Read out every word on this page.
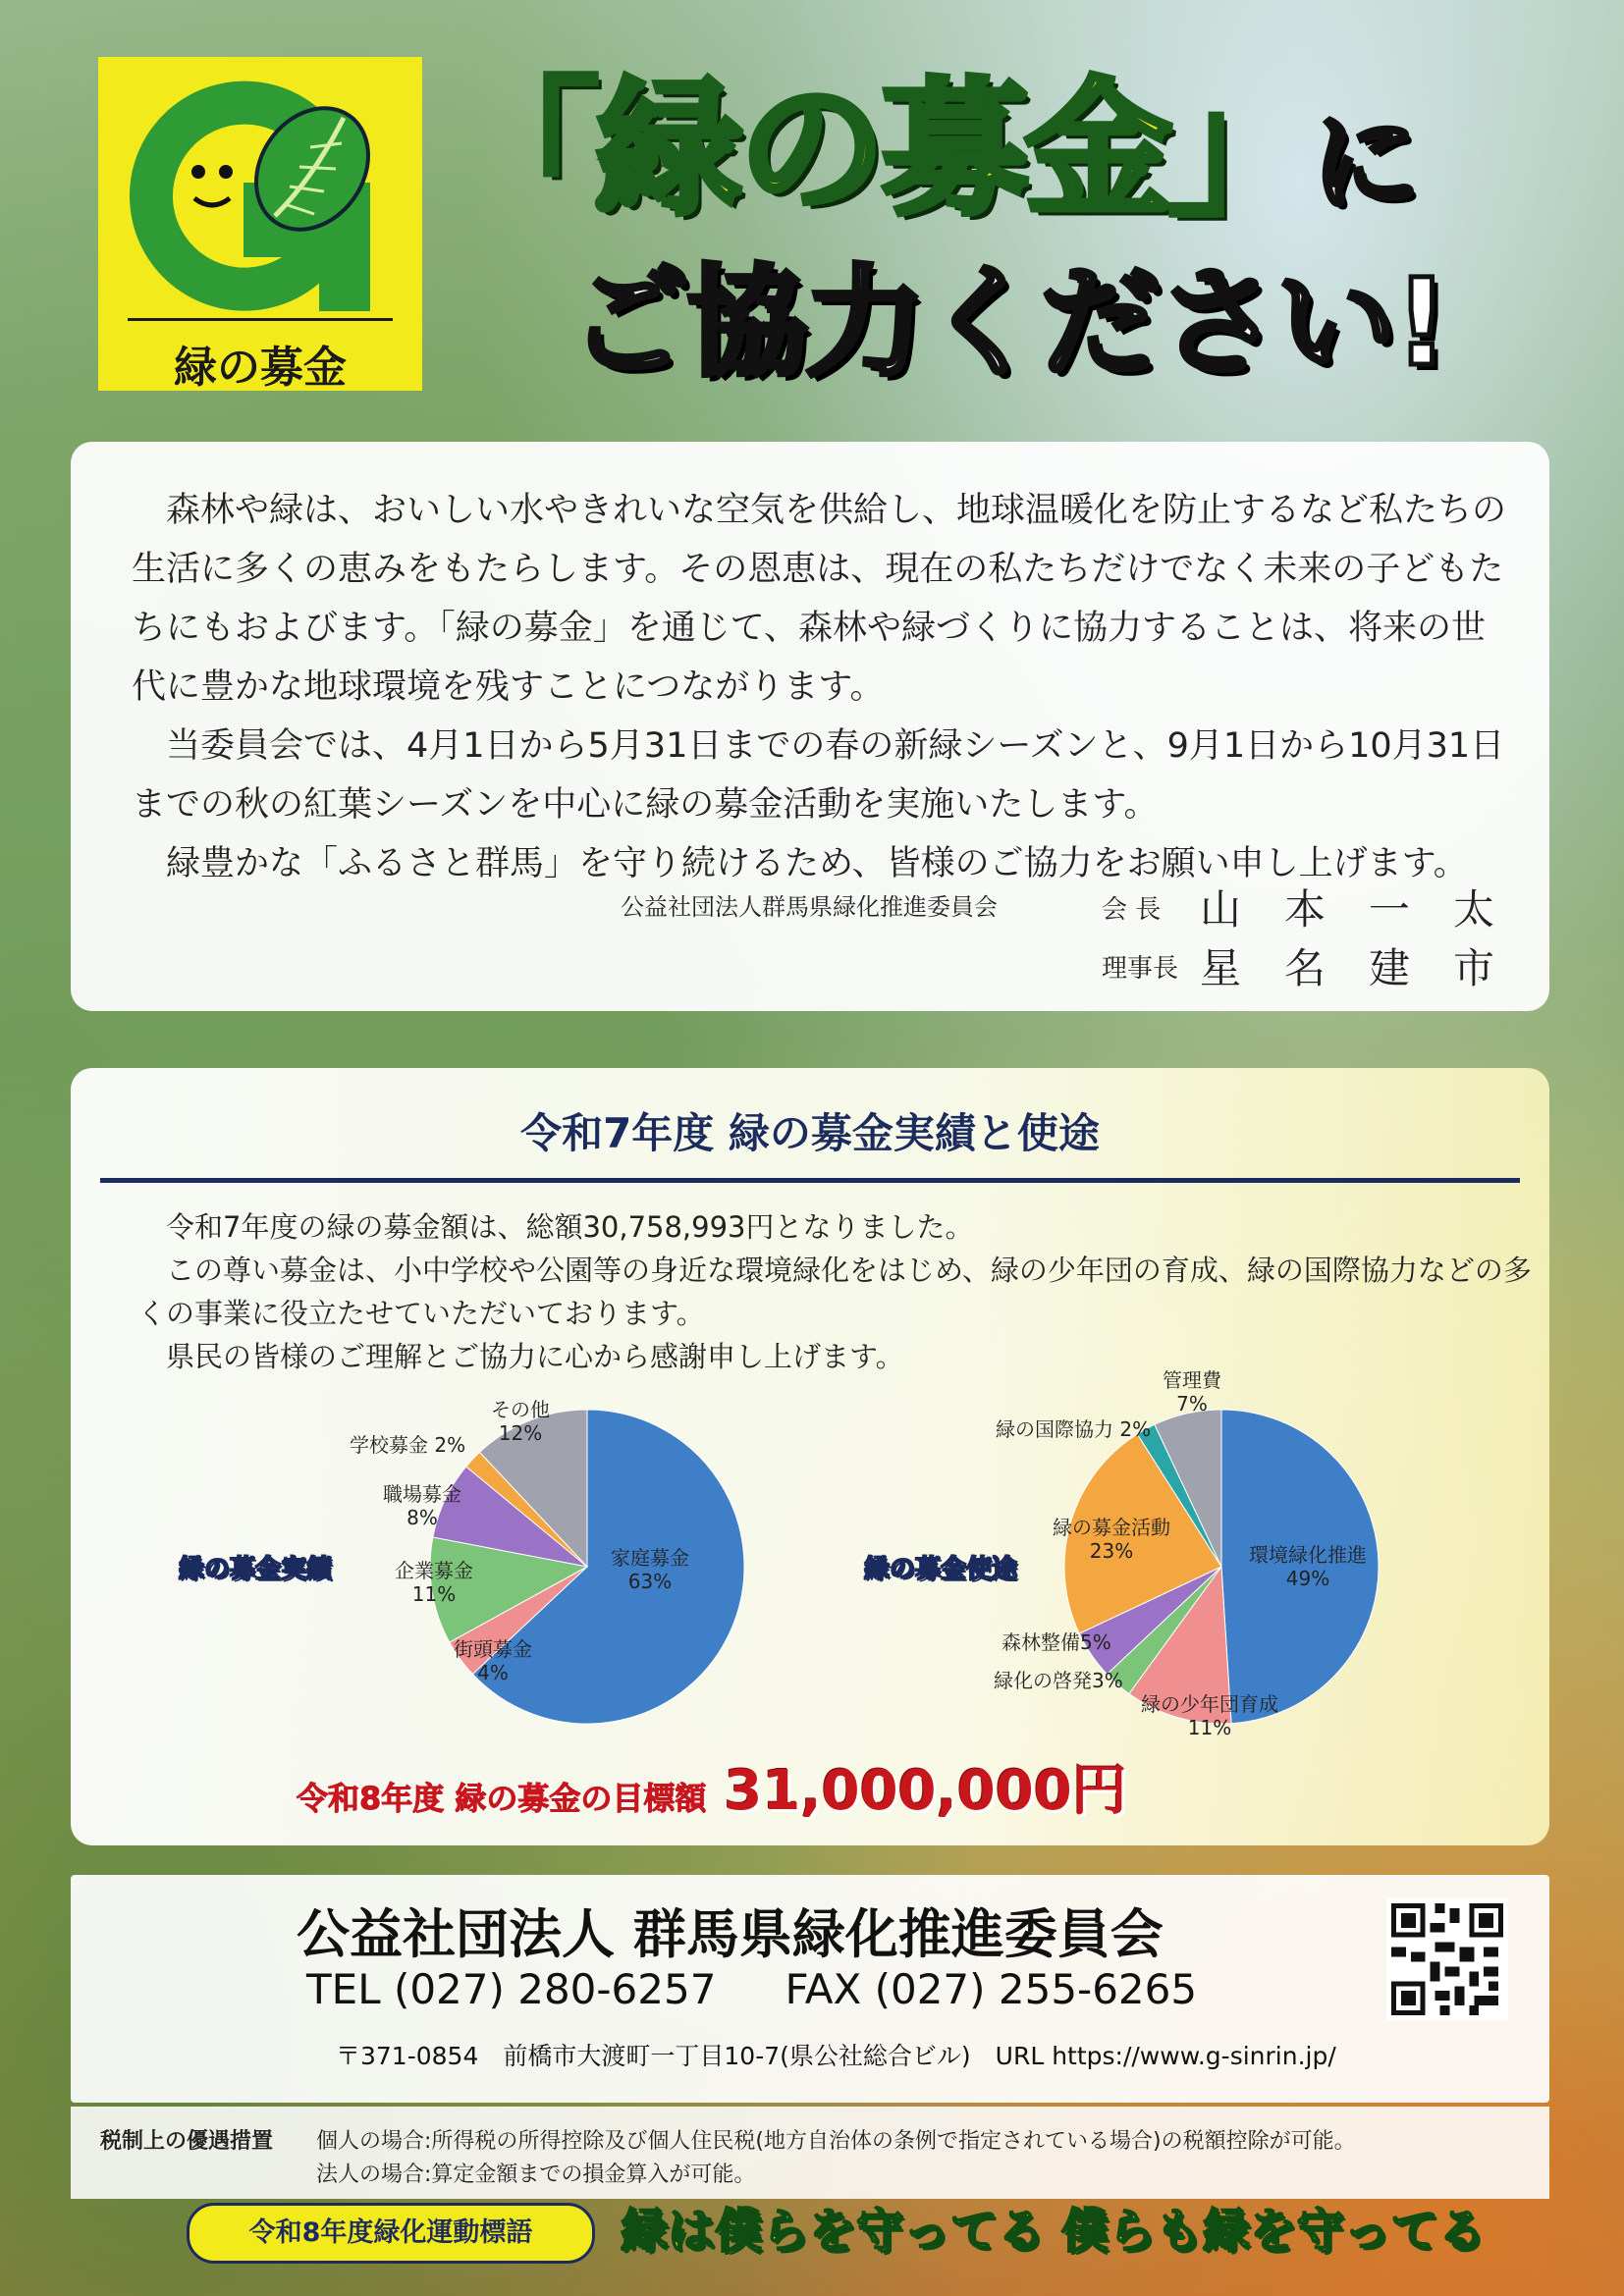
緑の募金
「緑の募金」に
ご協力ください!

森林や緑は、おいしい水やきれいな空気を供給し、地球温暖化を防止するなど私たちの生活に多くの恵みをもたらします。その恩恵は、現在の私たちだけでなく未来の子どもたちにもおよびます。「緑の募金」を通じて、森林や緑づくりに協力することは、将来の世代に豊かな地球環境を残すことにつながります。

当委員会では、4月1日から5月31日までの春の新緑シーズンと、9月1日から10月31日までの秋の紅葉シーズンを中心に緑の募金活動を実施いたします。

緑豊かな「ふるさと群馬」を守り続けるため、皆様のご協力をお願い申し上げます。

公益社団法人群馬県緑化推進委員会	会 長 山本一太
理事長 星名建市
令和7年度 緑の募金実績と使途

令和7年度の緑の募金額は、総額30,758,993円となりました。

この尊い募金は、小中学校や公園等の身近な環境緑化をはじめ、緑の少年団の育成、緑の国際協力などの多くの事業に役立たせていただいております。

県民の皆様のご理解とご協力に心から感謝申し上げます。

緑の募金実績	緑の募金使途
家庭募金
63%
街頭募金
4%
企業募金
11%
職場募金
8%
学校募金 2%
その他
12%
環境緑化推進
49%
緑の少年団育成
11%
緑化の啓発3%
森林整備5%
緑の募金活動
23%
緑の国際協力 2%
管理費
7%
令和8年度 緑の募金の目標額 31,000,000円
公益社団法人 群馬県緑化推進委員会
TEL (027) 280-6257 FAX (027) 255-6265
〒371-0854　 前橋市大渡町一丁目10-7(県公社総合ビル)　 URL https://www.g-sinrin.jp/
税制上の優遇措置 個人の場合:所得税の所得控除及び個人住民税(地方自治体の条例で指定されている場合)の税額控除が可能。
法人の場合:算定金額までの損金算入が可能。
令和8年度緑化運動標語	緑は僕らを守ってる 僕らも緑を守ってる
